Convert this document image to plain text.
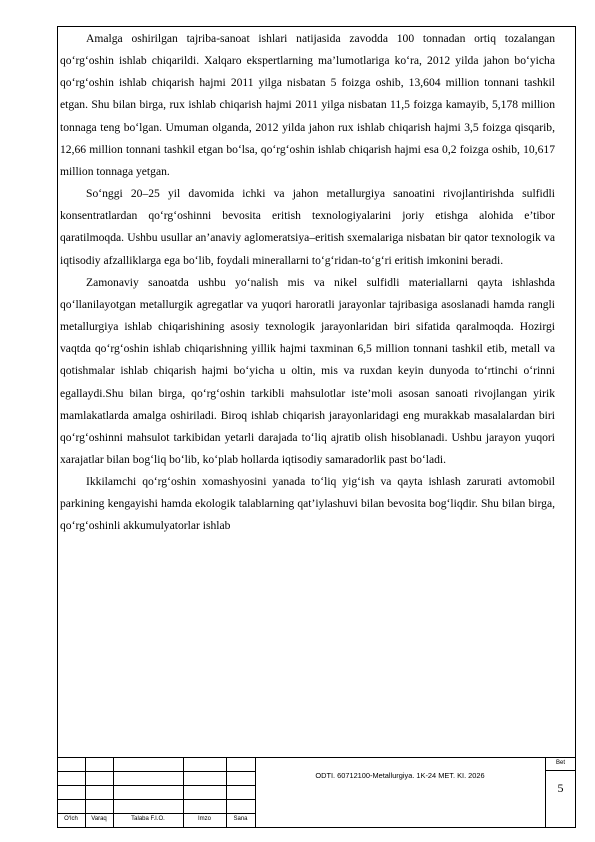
Amalga oshirilgan tajriba-sanoat ishlari natijasida zavodda 100 tonnadan ortiq tozalangan qo‘rg‘oshin ishlab chiqarildi. Xalqaro ekspertlarning ma’lumotlariga ko‘ra, 2012 yilda jahon bo‘yicha qo‘rg‘oshin ishlab chiqarish hajmi 2011 yilga nisbatan 5 foizga oshib, 13,604 million tonnani tashkil etgan. Shu bilan birga, rux ishlab chiqarish hajmi 2011 yilga nisbatan 11,5 foizga kamayib, 5,178 million tonnaga teng bo‘lgan. Umuman olganda, 2012 yilda jahon rux ishlab chiqarish hajmi 3,5 foizga qisqarib, 12,66 million tonnani tashkil etgan bo‘lsa, qo‘rg‘oshin ishlab chiqarish hajmi esa 0,2 foizga oshib, 10,617 million tonnaga yetgan.

So‘nggi 20–25 yil davomida ichki va jahon metallurgiya sanoatini rivojlantirishda sulfidli konsentratlardan qo‘rg‘oshinni bevosita eritish texnologiyalarini joriy etishga alohida e’tibor qaratilmoqda. Ushbu usullar an’anaviy aglomeratsiya–eritish sxemalariga nisbatan bir qator texnologik va iqtisodiy afzalliklarga ega bo‘lib, foydali minerallarni to‘g‘ridan-to‘g‘ri eritish imkonini beradi.

Zamonaviy sanoatda ushbu yo‘nalish mis va nikel sulfidli materiallarni qayta ishlashda qo‘llanilayotgan metallurgik agregatlar va yuqori haroratli jarayonlar tajribasiga asoslanadi hamda rangli metallurgiya ishlab chiqarishining asosiy texnologik jarayonlaridan biri sifatida qaralmoqda. Hozirgi vaqtda qo‘rg‘oshin ishlab chiqarishning yillik hajmi taxminan 6,5 million tonnani tashkil etib, metall va qotishmalar ishlab chiqarish hajmi bo‘yicha u oltin, mis va ruxdan keyin dunyoda to‘rtinchi o‘rinni egallaydi.Shu bilan birga, qo‘rg‘oshin tarkibli mahsulotlar iste’moli asosan sanoati rivojlangan yirik mamlakatlarda amalga oshiriladi. Biroq ishlab chiqarish jarayonlaridagi eng murakkab masalalardan biri qo‘rg‘oshinni mahsulot tarkibidan yetarli darajada to‘liq ajratib olish hisoblanadi. Ushbu jarayon yuqori xarajatlar bilan bog‘liq bo‘lib, ko‘plab hollarda iqtisodiy samaradorlik past bo‘ladi.

Ikkilamchi qo‘rg‘oshin xomashyosini yanada to‘liq yig‘ish va qayta ishlash zarurati avtomobil parkining kengayishi hamda ekologik talablarning qat’iylashuvi bilan bevosita bog‘liqdir. Shu bilan birga, qo‘rg‘oshinli akkumulyatorlar ishlab

O‘lch	Varaq	Talaba F.I.O.	Imzo	Sana
ODTI. 60712100-Metallurgiya. 1K-24 MET. KI. 2026
Bet
5
